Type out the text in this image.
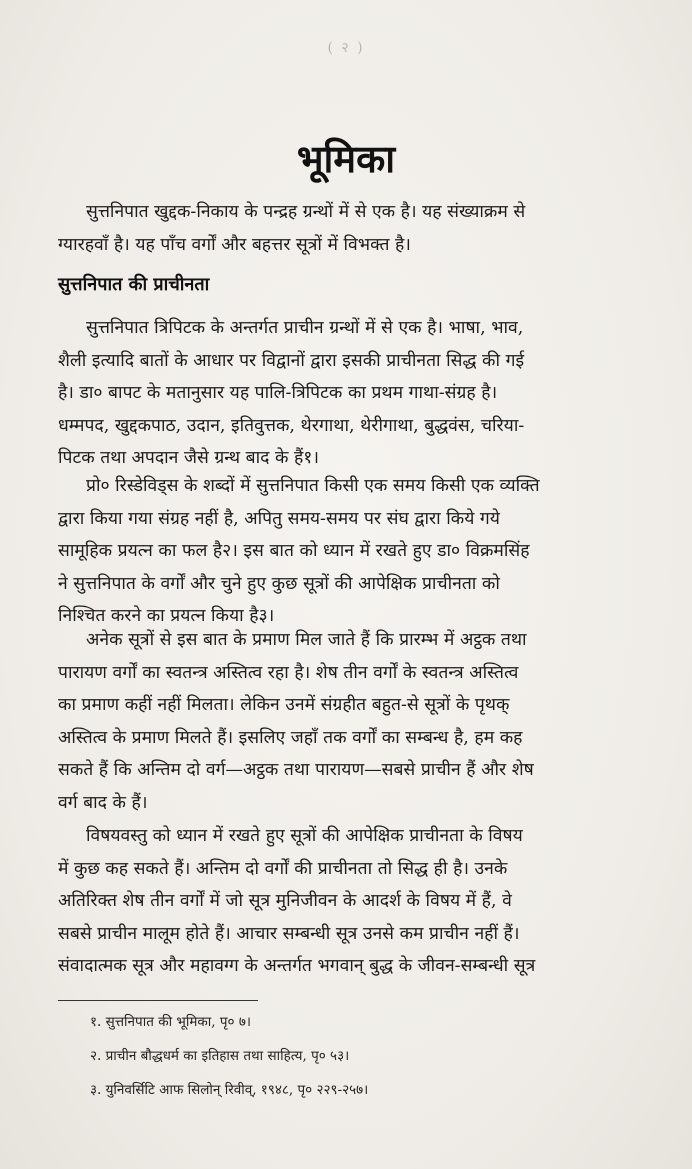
( २ )
भूमिका
सुत्तनिपात खुद्दक-निकाय के पन्द्रह ग्रन्थों में से एक है। यह संख्याक्रम से
ग्यारहवाँ है। यह पाँच वर्गों और बहत्तर सूत्रों में विभक्त है।
सुत्तनिपात की प्राचीनता
सुत्तनिपात त्रिपिटक के अन्तर्गत प्राचीन ग्रन्थों में से एक है। भाषा, भाव,
शैली इत्यादि बातों के आधार पर विद्वानों द्वारा इसकी प्राचीनता सिद्ध की गई
है। डा० बापट के मतानुसार यह पालि-त्रिपिटक का प्रथम गाथा-संग्रह है।
धम्मपद, खुद्दकपाठ, उदान, इतिवुत्तक, थेरगाथा, थेरीगाथा, बुद्धवंस, चरिया-
पिटक तथा अपदान जैसे ग्रन्थ बाद के हैं१।
प्रो० रिस्डेविड्स के शब्दों में सुत्तनिपात किसी एक समय किसी एक व्यक्ति
द्वारा किया गया संग्रह नहीं है, अपितु समय-समय पर संघ द्वारा किये गये
सामूहिक प्रयत्न का फल है२। इस बात को ध्यान में रखते हुए डा० विक्रमसिंह
ने सुत्तनिपात के वर्गों और चुने हुए कुछ सूत्रों की आपेक्षिक प्राचीनता को
निश्चित करने का प्रयत्न किया है३।
अनेक सूत्रों से इस बात के प्रमाण मिल जाते हैं कि प्रारम्भ में अट्ठक तथा
पारायण वर्गों का स्वतन्त्र अस्तित्व रहा है। शेष तीन वर्गों के स्वतन्त्र अस्तित्व
का प्रमाण कहीं नहीं मिलता। लेकिन उनमें संग्रहीत बहुत-से सूत्रों के पृथक्
अस्तित्व के प्रमाण मिलते हैं। इसलिए जहाँ तक वर्गों का सम्बन्ध है, हम कह
सकते हैं कि अन्तिम दो वर्ग—अट्ठक तथा पारायण—सबसे प्राचीन हैं और शेष
वर्ग बाद के हैं।
विषयवस्तु को ध्यान में रखते हुए सूत्रों की आपेक्षिक प्राचीनता के विषय
में कुछ कह सकते हैं। अन्तिम दो वर्गों की प्राचीनता तो सिद्ध ही है। उनके
अतिरिक्त शेष तीन वर्गों में जो सूत्र मुनिजीवन के आदर्श के विषय में हैं, वे
सबसे प्राचीन मालूम होते हैं। आचार सम्बन्धी सूत्र उनसे कम प्राचीन नहीं हैं।
संवादात्मक सूत्र और महावग्ग के अन्तर्गत भगवान् बुद्ध के जीवन-सम्बन्धी सूत्र
१. सुत्तनिपात की भूमिका, पृ० ७।
२. प्राचीन बौद्धधर्म का इतिहास तथा साहित्य, पृ० ५३।
३. युनिवर्सिटि आफ सिलोन् रिवीव्, १९४८, पृ० २२९-२५७।
